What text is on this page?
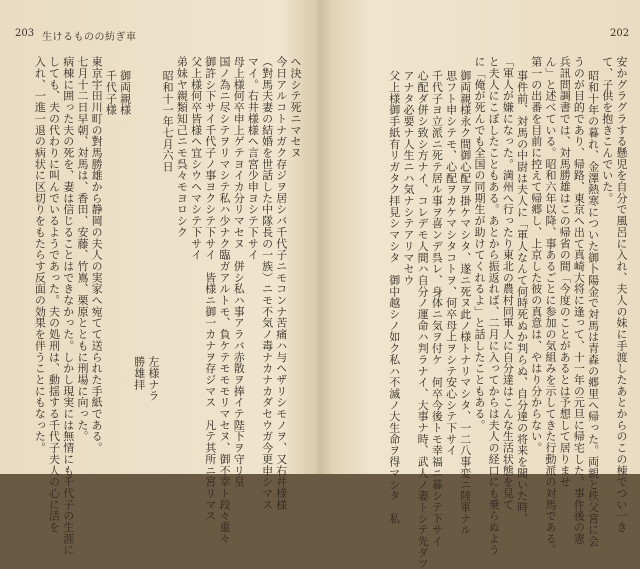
203 生けるものの紡ぎ車
ヘ決シテ死ニマセヌ
今日アルコトナガク存ジヲ居シバ千代子ニモコンナ苦痛ハ与ヘザリシモノヲ、又右井様様
（對馬夫妻の結婚を世話した中隊長の一族）ニモ不気ノ毒ナカナカダセウガ今更申シマス
マイ。右井様様ヘ言宮少申ヨシテ下サイ
母上様何卒申上ゲテヨイカ分リマセヌ　併シ私ハ事アラバ赤散ヲ捧イテ陛下ヲ守リ皇
国ノ為ニ尽シテヲリマシテ私ハ少ナク臨ガアルトモ、負ケテモモモリマセヌ、御不幸ト段々重々
御許シ下サイ千代子ノ事ヨクシテ下サイ　皆様ニ御一カナヲ存ジマス　凡テ其所ニ宮リマス
父上様何卒皆様ヘ宜シウヘマシテ下サイ
弟妹ヤ親類知己ニモ呉々モヨロシク
昭和十一年七月六日
左様ナラ
勝雄拝
御両親様
千代子様
東京宇田川町の對馬勝雄から静岡の夫人の実家へ宛てて送られた手紙である。
七月十二日早朝、対馬は、香田、安藤、竹嶌、栗原とともに刑場に向った。
病棟に囲った夫の死を、妻は信じることはできなかった。しかし現実には無情にも千代子の生涯に
しても、夫の代わりに叫んでいるようであった。夫の処刑は、動揺する千代子夫人の心に活を
入れ、一進一退の病状に区切りをもたらす反面の効果を伴うことにもなった。
202
安かグラグラする懸児を自分で風呂に入れ、夫人の妹に手渡したあとからのこの棟でつい一き
て、子供を抱きこんでいた。
昭和十年の暮れ、金澤熱寒についた御卜陽金で対馬は青森の郷里へ帰った。両親と秩父宮に会
うのが目的であり、帰路、東京へ出て真崎大将に逢って、十一年の元旦に帰宅した。事件後の憲
兵訊問調書では、対馬勝雄はこの帰省の間「今度のことがあるとは予想して居りませ
ん」と述べている。昭和六年以降、事あるごとに参加の気組みを示してきた行動派の対馬である。
第一の出番を目前に控えて帰郷し、上京した彼の真意は、やはり分からない。
事件前、対馬の中尉は夫人に「軍人なんて何時死ぬか判らぬ、自分達の将来を聞いた時、
「軍人が嫌になった。満州へ行ったり東北の農村同軍人に自分達はこんな生活状態を見て
と夫人にこぼしたこともある。あとから振返れば、二月に入ってからは夫人の経口にも乗らぬよう
に「俺が死んでも全国の同期生が助けてくれるよ」と話したこともある。
御両親様永ク間御心配ヲ掛ケマシタ、遂ニ死ヌ此ノ様トナリマシタ、一二八事変ニ陸軍ナル
思フト申シテモ、心配ヲカケマシタコトヲ、何卒母上ヲシテ安心シテ下サイ
千代子ヨ立派ニ死テ居ル事ヲ喜ンデ呉レ、身体ニ気ヲ付ケ　何卒今後トモ幸福ニ暮シテ下サイ
心配ダ併シ致シ方ナイ、コレデモ人間ハ自分ノ運命ハ判ラナイ、大事ナ時、武人ノ妻トシテ先ダツ
アナタ必要ナ人生ニハ気ナシテアリマセウ
父上様御手紙有リガタク拝見シマシタ　御中越シノ如ク私ハ不滅ノ大生命ヲ得マシタ　私
